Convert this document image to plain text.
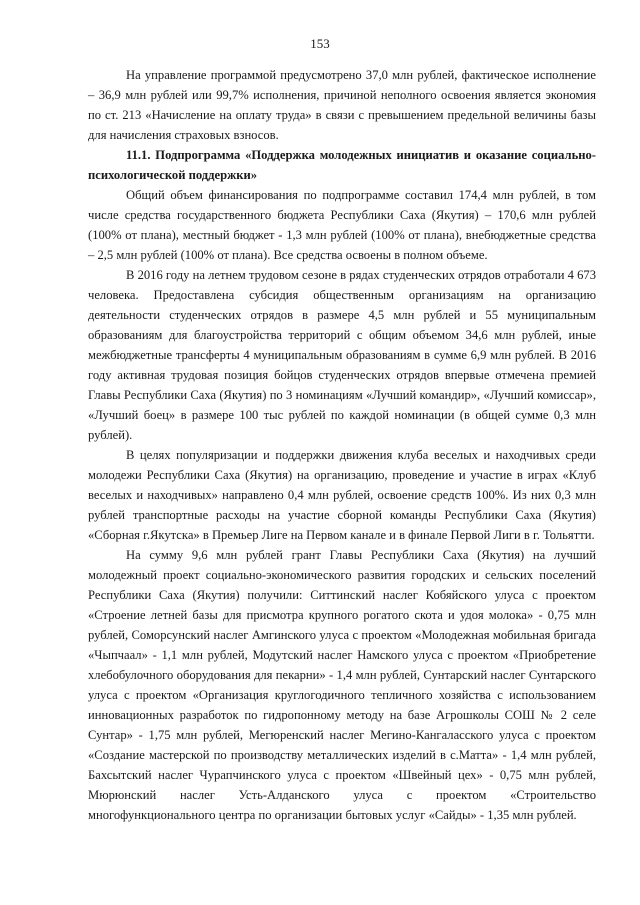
153

На управление программой предусмотрено 37,0 млн рублей, фактическое исполнение – 36,9 млн рублей или 99,7% исполнения, причиной неполного освоения является экономия по ст. 213 «Начисление на оплату труда» в связи с превышением предельной величины базы для начисления страховых взносов.

11.1. Подпрограмма «Поддержка молодежных инициатив и оказание социально-психологической поддержки»

Общий объем финансирования по подпрограмме составил 174,4 млн рублей, в том числе средства государственного бюджета Республики Саха (Якутия) – 170,6 млн рублей (100% от плана), местный бюджет - 1,3 млн рублей (100% от плана), внебюджетные средства – 2,5 млн рублей (100% от плана). Все средства освоены в полном объеме.

В 2016 году на летнем трудовом сезоне в рядах студенческих отрядов отработали 4 673 человека. Предоставлена субсидия общественным организациям на организацию деятельности студенческих отрядов в размере 4,5 млн рублей и 55 муниципальным образованиям для благоустройства территорий с общим объемом 34,6 млн рублей, иные межбюджетные трансферты 4 муниципальным образованиям в сумме 6,9 млн рублей. В 2016 году активная трудовая позиция бойцов студенческих отрядов впервые отмечена премией Главы Республики Саха (Якутия) по 3 номинациям «Лучший командир», «Лучший комиссар», «Лучший боец» в размере 100 тыс рублей по каждой номинации (в общей сумме 0,3 млн рублей).

В целях популяризации и поддержки движения клуба веселых и находчивых среди молодежи Республики Саха (Якутия) на организацию, проведение и участие в играх «Клуб веселых и находчивых» направлено 0,4 млн рублей, освоение средств 100%. Из них 0,3 млн рублей транспортные расходы на участие сборной команды Республики Саха (Якутия) «Сборная г.Якутска» в Премьер Лиге на Первом канале и в финале Первой Лиги в г. Тольятти.

На сумму 9,6 млн рублей грант Главы Республики Саха (Якутия) на лучший молодежный проект социально-экономического развития городских и сельских поселений Республики Саха (Якутия) получили: Ситтинский наслег Кобяйского улуса с проектом «Строение летней базы для присмотра крупного рогатого скота и удоя молока» - 0,75 млн рублей, Соморсунский наслег Амгинского улуса с проектом «Молодежная мобильная бригада «Чыпчаал» - 1,1 млн рублей, Модутский наслег Намского улуса с проектом «Приобретение хлебобулочного оборудования для пекарни» - 1,4 млн рублей, Сунтарский наслег Сунтарского улуса с проектом «Организация круглогодичного тепличного хозяйства с использованием инновационных разработок по гидропонному методу на базе Агрошколы СОШ № 2 селе Сунтар» - 1,75 млн рублей, Мегюренский наслег Мегино-Кангаласского улуса с проектом «Создание мастерской по производству металлических изделий в с.Матта» - 1,4 млн рублей, Бахсытский наслег Чурапчинского улуса с проектом «Швейный цех» - 0,75 млн рублей, Мюрюнский наслег Усть-Алданского улуса с проектом «Строительство многофункционального центра по организации бытовых услуг «Сайды» - 1,35 млн рублей.
